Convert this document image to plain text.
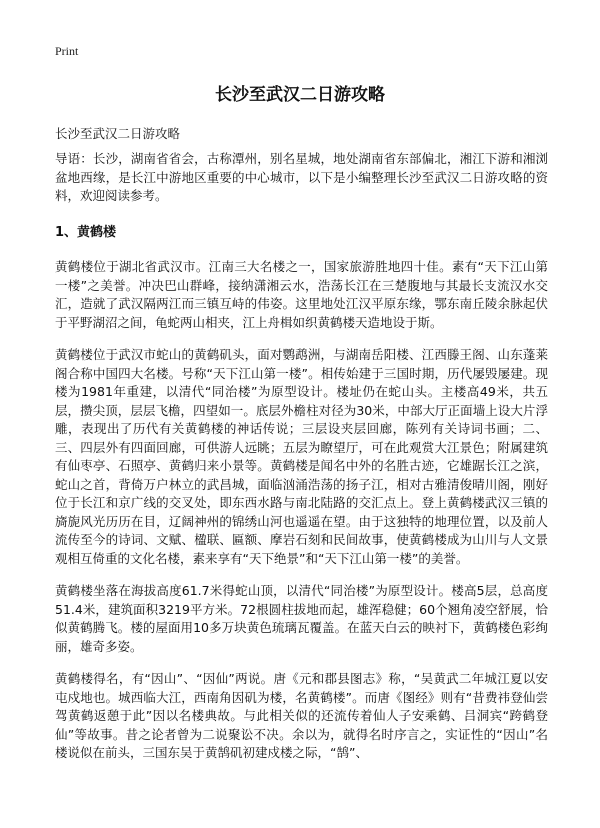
Print
长沙至武汉二日游攻略
长沙至武汉二日游攻略

导语：长沙，湖南省省会，古称潭州，别名星城，地处湖南省东部偏北，湘江下游和湘浏盆地西缘，是长江中游地区重要的中心城市，以下是小编整理长沙至武汉二日游攻略的资料，欢迎阅读参考。

1、黄鹤楼

黄鹤楼位于湖北省武汉市。江南三大名楼之一，国家旅游胜地四十佳。素有“天下江山第一楼”之美誉。冲决巴山群峰，接纳潇湘云水，浩荡长江在三楚腹地与其最长支流汉水交汇，造就了武汉隔两江而三镇互峙的伟姿。这里地处江汉平原东缘，鄂东南丘陵余脉起伏于平野湖沼之间，龟蛇两山相夹，江上舟楫如织黄鹤楼天造地设于斯。

黄鹤楼位于武汉市蛇山的黄鹤矶头，面对鹦鹉洲，与湖南岳阳楼、江西滕王阁、山东蓬莱阁合称中国四大名楼。号称“天下江山第一楼”。相传始建于三国时期，历代屡毁屡建。现楼为1981年重建，以清代“同治楼”为原型设计。楼址仍在蛇山头。主楼高49米，共五层，攒尖顶，层层飞檐，四望如一。底层外檐柱对径为30米，中部大厅正面墙上设大片浮雕，表现出了历代有关黄鹤楼的神话传说；三层设夹层回廊，陈列有关诗词书画；二、三、四层外有四面回廊，可供游人远眺；五层为瞭望厅，可在此观赏大江景色；附属建筑有仙枣亭、石照亭、黄鹤归来小景等。黄鹤楼是闻名中外的名胜古迹，它雄踞长江之滨，蛇山之首，背倚万户林立的武昌城，面临汹涌浩荡的扬子江，相对古雅清俊晴川阁，刚好位于长江和京广线的交叉处，即东西水路与南北陆路的交汇点上。登上黄鹤楼武汉三镇的旖旎风光历历在目，辽阔神州的锦绣山河也遥遥在望。由于这独特的地理位置，以及前人流传至今的诗词、文赋、楹联、匾额、摩岩石刻和民间故事，使黄鹤楼成为山川与人文景观相互倚重的文化名楼，素来享有“天下绝景”和“天下江山第一楼”的美誉。

黄鹤楼坐落在海拔高度61.7米得蛇山顶，以清代“同治楼”为原型设计。楼高5层，总高度51.4米，建筑面积3219平方米。72根圆柱拔地而起，雄浑稳健；60个翘角凌空舒展，恰似黄鹤腾飞。楼的屋面用10多万块黄色琉璃瓦覆盖。在蓝天白云的映衬下，黄鹤楼色彩绚丽，雄奇多姿。

黄鹤楼得名，有“因山”、“因仙”两说。唐《元和郡县图志》称，“吴黄武二年城江夏以安屯戍地也。城西临大江，西南角因矶为楼，名黄鹤楼”。而唐《图经》则有“昔费祎登仙尝驾黄鹤返憩于此”因以名楼典故。与此相关似的还流传着仙人子安乘鹤、吕洞宾“跨鹤登仙”等故事。昔之论者曾为二说聚讼不决。余以为，就得名时序言之，实证性的“因山”名楼说似在前头，三国东吴于黄鹄矶初建戍楼之际，“鹄”、
